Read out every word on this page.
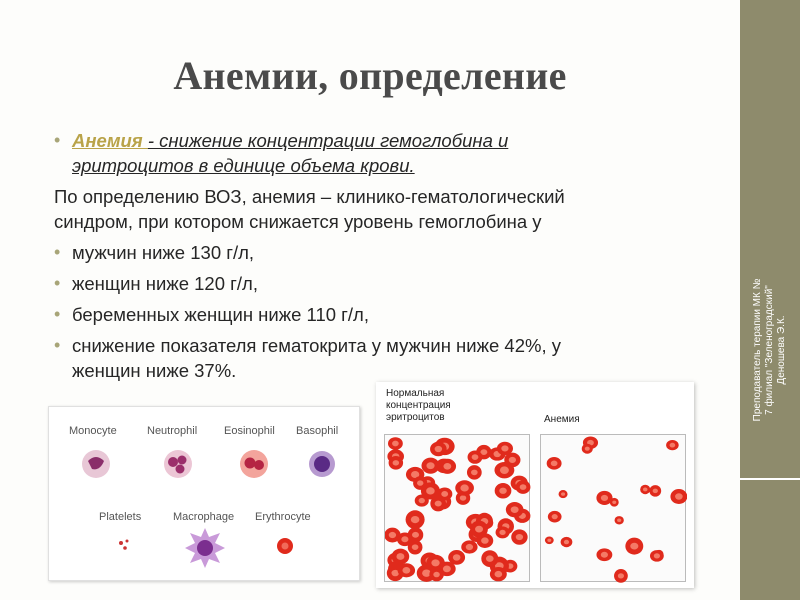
Анемии, определение
• Анемия - снижение концентрации гемоглобина и
эритроцитов в единице объема крови.
По определению ВОЗ, анемия – клинико-гематологический
синдром, при котором снижается уровень гемоглобина у
• мужчин ниже 130 г/л,
• женщин ниже 120 г/л,
• беременных женщин ниже 110 г/л,
• снижение показателя гематокрита у мужчин ниже 42%, у
женщин ниже 37%.
Monocyte	Neutrophil Eosinophil Basophil
Platelets	Macrophage Erythrocyte
Нормальная
концентрация
эритроцитов	Анемия	Преподаватель терапии МК № 7 филиал "Зеленоградский" Деношева Э.К.
